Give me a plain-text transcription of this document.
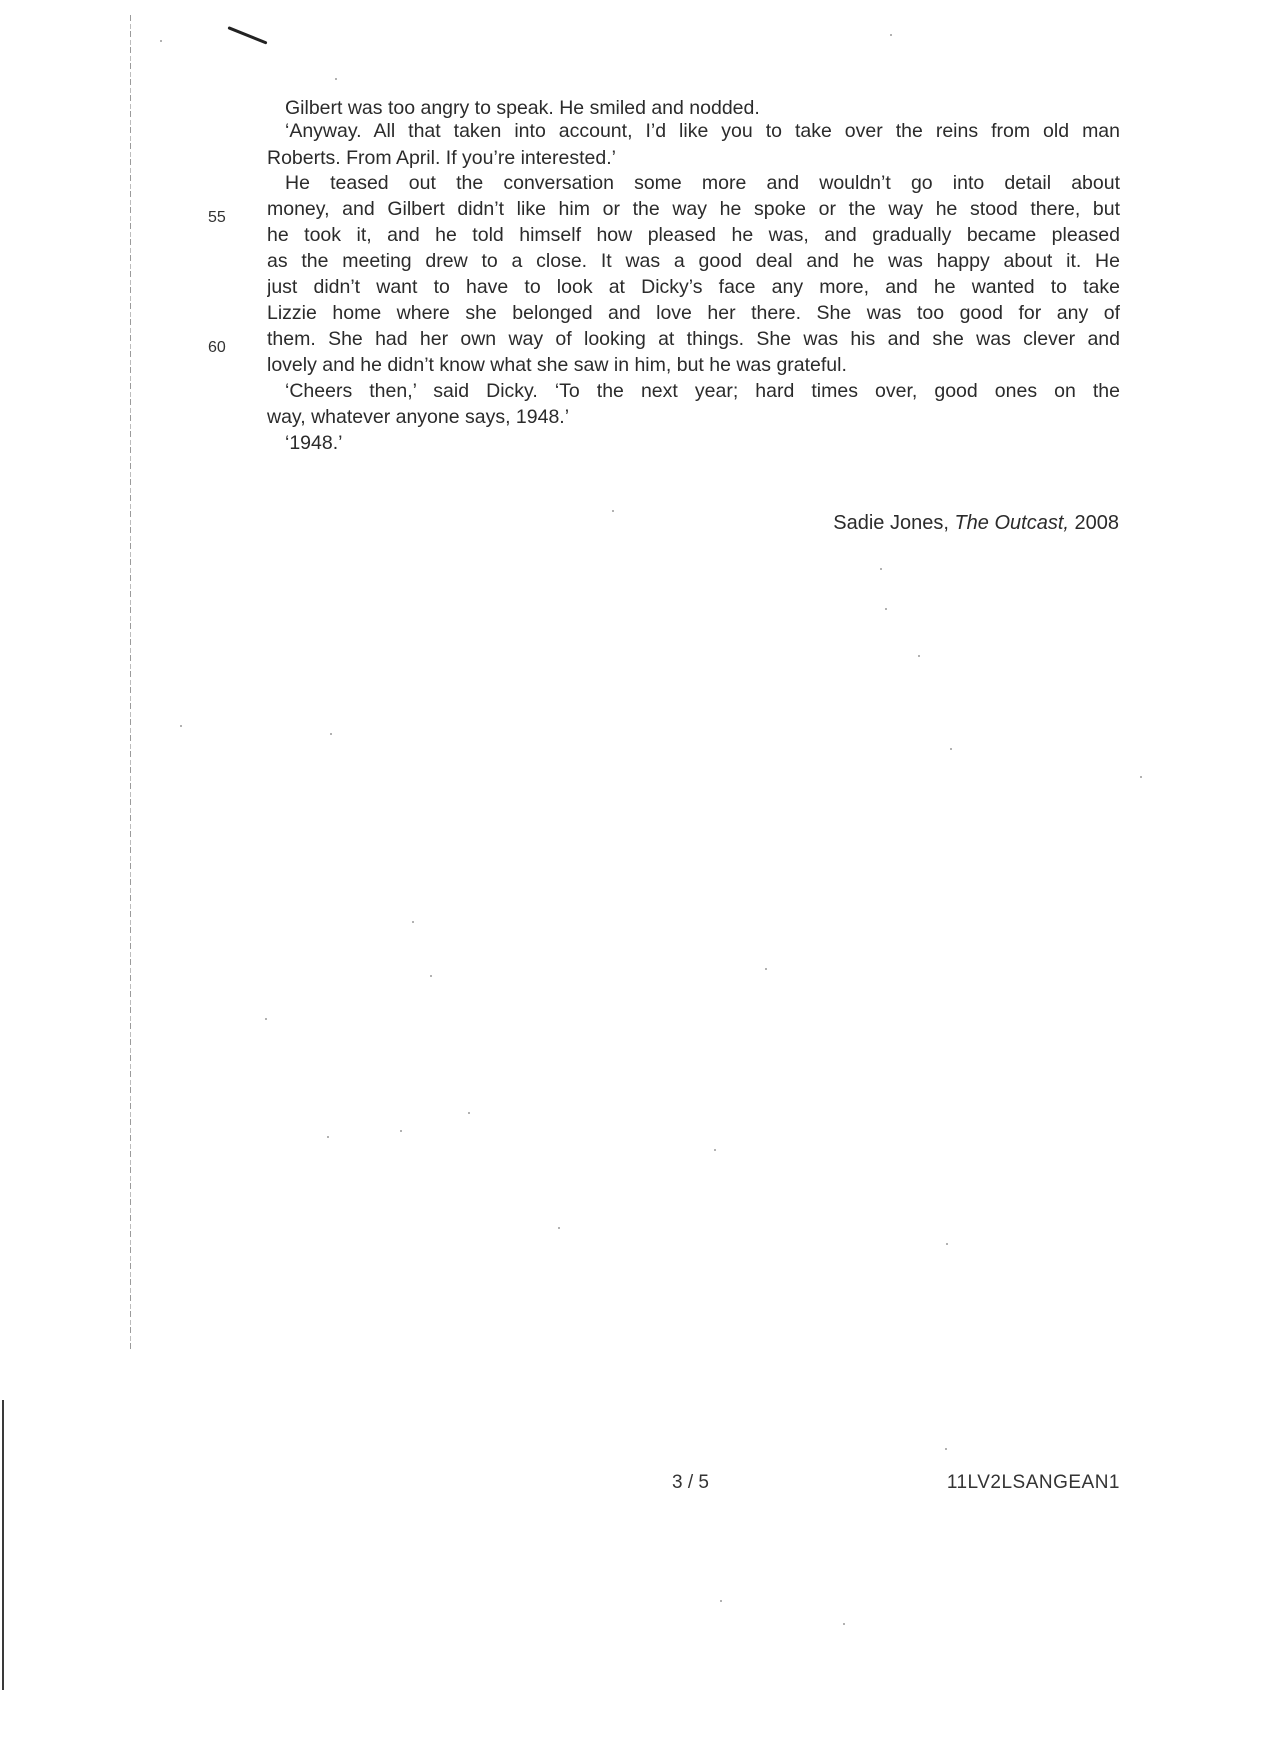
Gilbert was too angry to speak. He smiled and nodded.
‘Anyway. All that taken into account, I’d like you to take over the reins from old man
Roberts. From April. If you’re interested.’
He teased out the conversation some more and wouldn’t go into detail about
money, and Gilbert didn’t like him or the way he spoke or the way he stood there, but
he took it, and he told himself how pleased he was, and gradually became pleased
as the meeting drew to a close. It was a good deal and he was happy about it. He
just didn’t want to have to look at Dicky’s face any more, and he wanted to take
Lizzie home where she belonged and love her there. She was too good for any of
them. She had her own way of looking at things. She was his and she was clever and
lovely and he didn’t know what she saw in him, but he was grateful.
‘Cheers then,’ said Dicky. ‘To the next year; hard times over, good ones on the
way, whatever anyone says, 1948.’
‘1948.’
55
60
Sadie Jones, The Outcast, 2008
3 / 5	11LV2LSANGEAN1
